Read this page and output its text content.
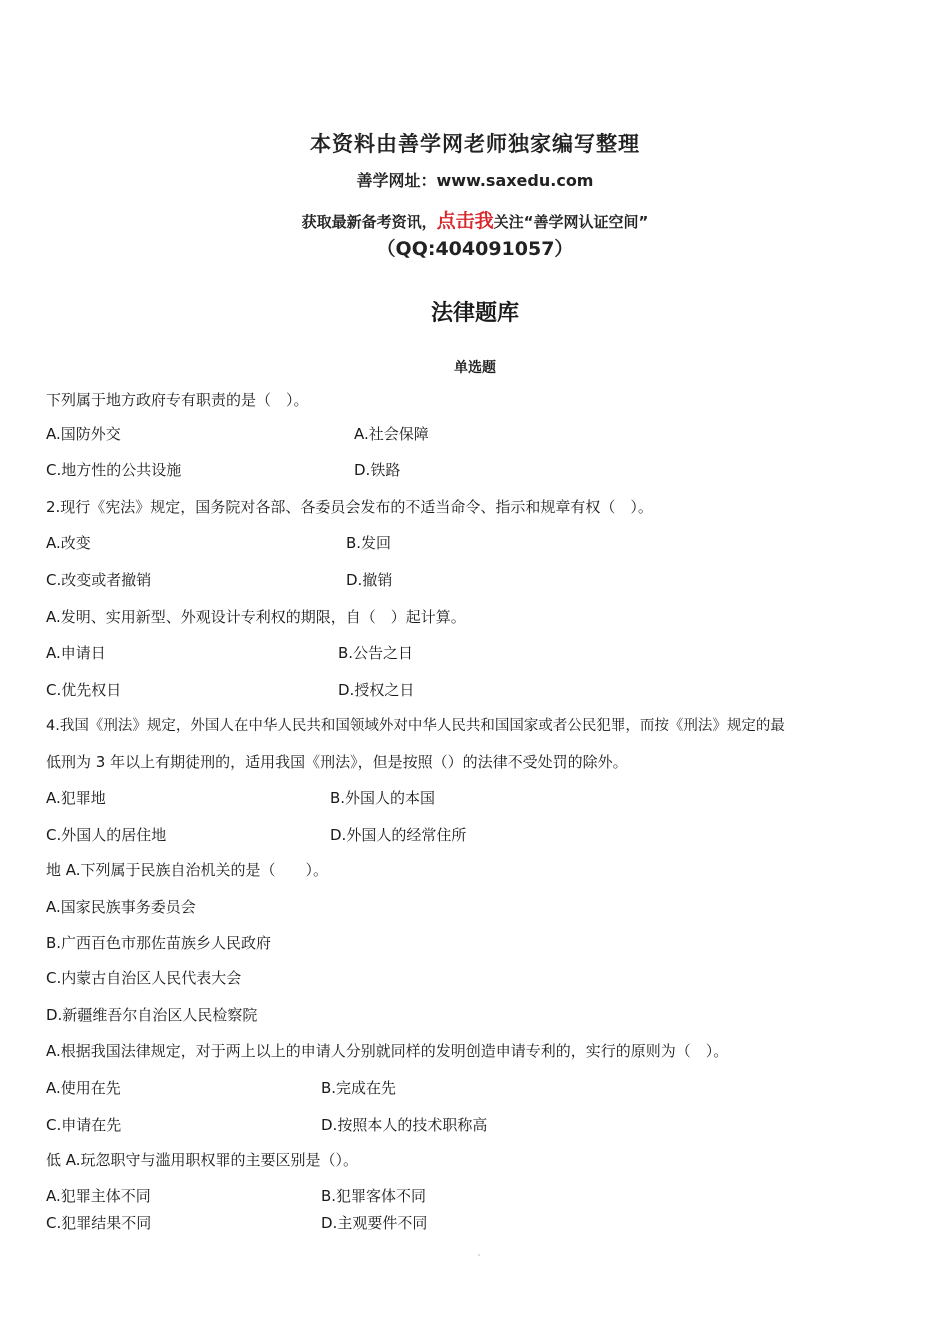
本资料由善学网老师独家编写整理
善学网址：www.saxedu.com
获取最新备考资讯，点击我关注“善学网认证空间”
（QQ:404091057）
法律题库
单选题
下列属于地方政府专有职责的是（　）。
A.国防外交	A.社会保障
C.地方性的公共设施	D.铁路
2.现行《宪法》规定，国务院对各部、各委员会发布的不适当命令、指示和规章有权（　）。
A.改变	B.发回
C.改变或者撤销	D.撤销
A.发明、实用新型、外观设计专利权的期限，自（　）起计算。
A.申请日	B.公告之日
C.优先权日	D.授权之日
4.我国《刑法》规定，外国人在中华人民共和国领域外对中华人民共和国国家或者公民犯罪，而按《刑法》规定的最
低刑为 3 年以上有期徒刑的，适用我国《刑法》，但是按照（）的法律不受处罚的除外。
A.犯罪地	B.外国人的本国
C.外国人的居住地	D.外国人的经常住所
地 A.下列属于民族自治机关的是（　　）。
A.国家民族事务委员会
B.广西百色市那佐苗族乡人民政府
C.内蒙古自治区人民代表大会
D.新疆维吾尔自治区人民检察院
A.根据我国法律规定，对于两上以上的申请人分别就同样的发明创造申请专利的，实行的原则为（　）。
A.使用在先	B.完成在先
C.申请在先	D.按照本人的技术职称高
低 A.玩忽职守与滥用职权罪的主要区别是（）。
A.犯罪主体不同	B.犯罪客体不同
C.犯罪结果不同	D.主观要件不同
